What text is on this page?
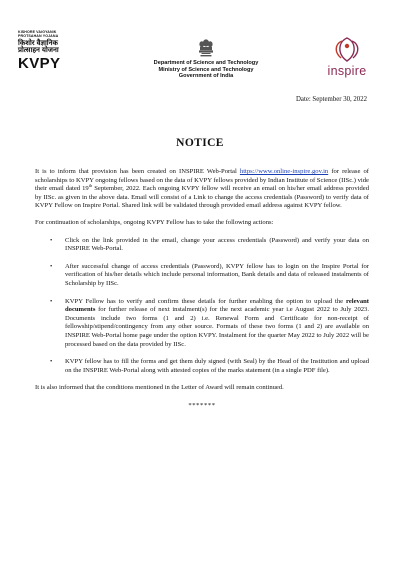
KISHORE VAIGYANIK
PROTSAHAN YOJANA
किशोर वैज्ञानिक
प्रोत्साहन योजना
KVPY	Department of Science and Technology
Ministry of Science and Technology
Government of India	inspire
Date: September 30, 2022
NOTICE

It is to inform that provision has been created on INSPIRE Web-Portal https://www.online-inspire.gov.in for release of scholarships to KVPY ongoing fellows based on the data of KVPY fellows provided by Indian Institute of Science (IISc.) vide their email dated 19th September, 2022. Each ongoing KVPY fellow will receive an email on his/her email address provided by IISc. as given in the above data. Email will consist of a Link to change the access credentials (Password) to verify data of KVPY Fellow on Inspire Portal. Shared link will be validated through provided email address against KVPY fellow.

For continuation of scholarships, ongoing KVPY Fellow has to take the following actions:

• Click on the link provided in the email, change your access credentials (Password) and verify your data on INSPIRE Web-Portal.
• After successful change of access credentials (Password), KVPY fellow has to login on the Inspire Portal for verification of his/her details which include personal information, Bank details and data of released instalments of Scholarship by IISc.
• KVPY Fellow has to verify and confirm these details for further enabling the option to upload the relevant documents for further release of next instalment(s) for the next academic year i.e August 2022 to July 2023. Documents include two forms (1 and 2) i.e. Renewal Form and Certificate for non-receipt of fellowship/stipend/contingency from any other source. Formats of these two forms (1 and 2) are available on INSPIRE Web-Portal home page under the option KVPY. Instalment for the quarter May 2022 to July 2022 will be processed based on the data provided by IISc.
• KVPY fellow has to fill the forms and get them duly signed (with Seal) by the Head of the Institution and upload on the INSPIRE Web-Portal along with attested copies of the marks statement (in a single PDF file).

It is also informed that the conditions mentioned in the Letter of Award will remain continued.

*******
